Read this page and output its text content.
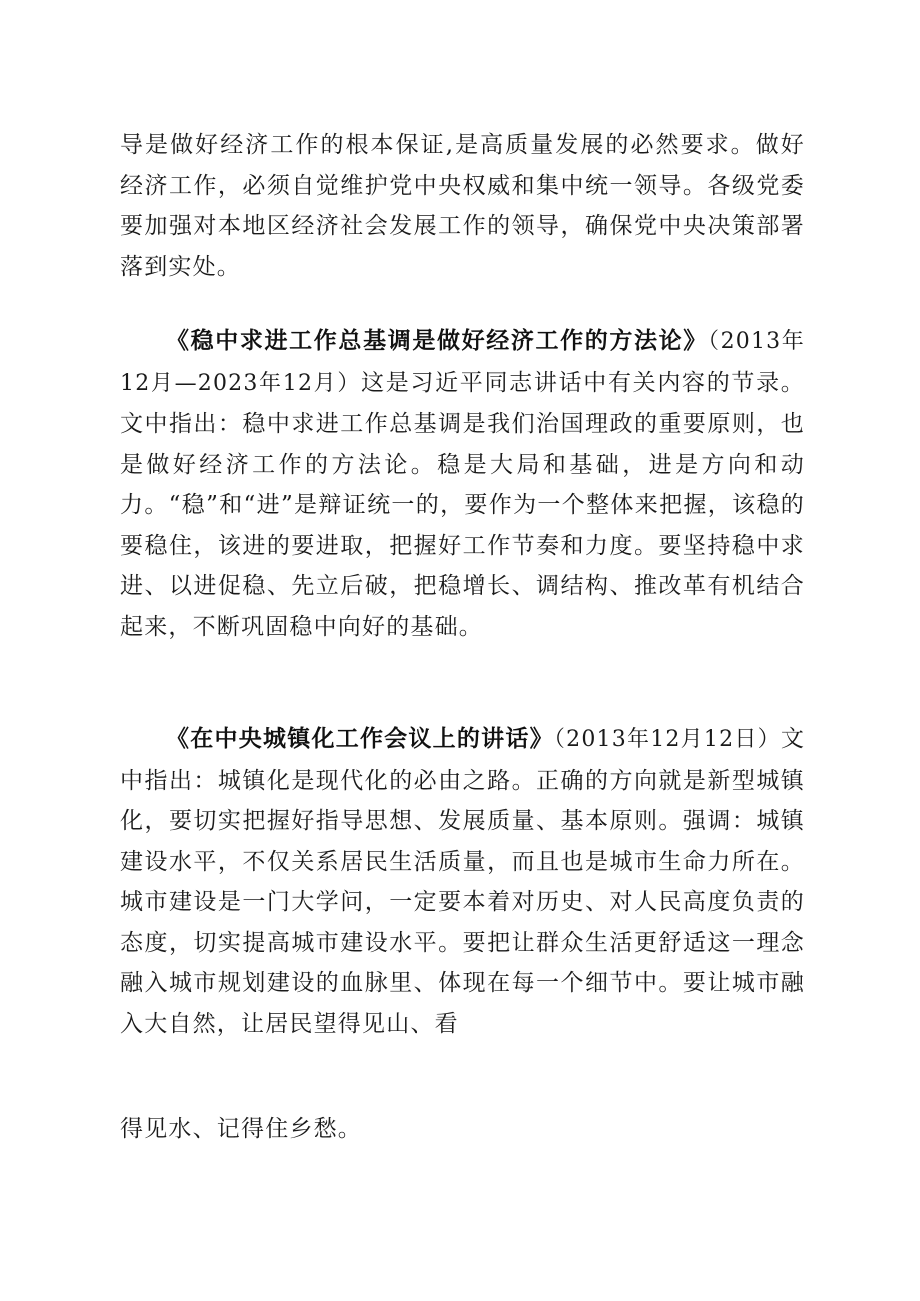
导是做好经济工作的根本保证,是高质量发展的必然要求。做好经济工作，必须自觉维护党中央权威和集中统一领导。各级党委要加强对本地区经济社会发展工作的领导，确保党中央决策部署落到实处。

《稳中求进工作总基调是做好经济工作的方法论》（2013年12月—2023年12月）这是习近平同志讲话中有关内容的节录。文中指出：稳中求进工作总基调是我们治国理政的重要原则，也是做好经济工作的方法论。稳是大局和基础，进是方向和动力。“稳”和“进”是辩证统一的，要作为一个整体来把握，该稳的要稳住，该进的要进取，把握好工作节奏和力度。要坚持稳中求进、以进促稳、先立后破，把稳增长、调结构、推改革有机结合起来，不断巩固稳中向好的基础。

《在中央城镇化工作会议上的讲话》（2013年12月12日）文中指出：城镇化是现代化的必由之路。正确的方向就是新型城镇化，要切实把握好指导思想、发展质量、基本原则。强调：城镇建设水平，不仅关系居民生活质量，而且也是城市生命力所在。城市建设是一门大学问，一定要本着对历史、对人民高度负责的态度，切实提高城市建设水平。要把让群众生活更舒适这一理念融入城市规划建设的血脉里、体现在每一个细节中。要让城市融入大自然，让居民望得见山、看

得见水、记得住乡愁。
